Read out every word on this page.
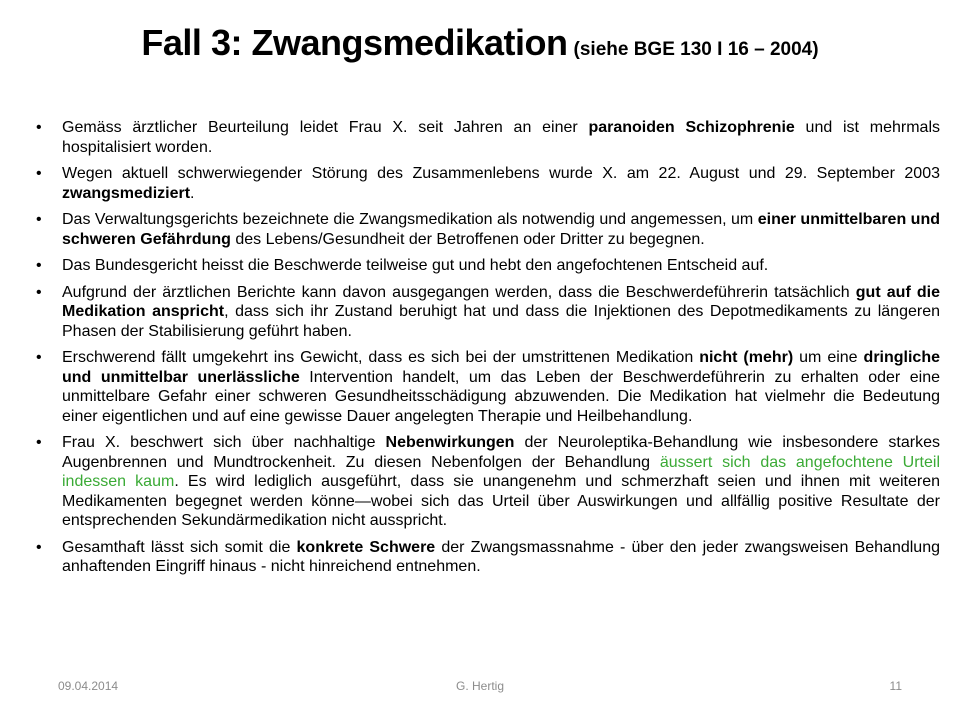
Fall 3: Zwangsmedikation (siehe BGE 130 I 16 – 2004)
• Gemäss ärztlicher Beurteilung leidet Frau X. seit Jahren an einer paranoiden Schizophrenie und ist mehrmals hospitalisiert worden.
• Wegen aktuell schwerwiegender Störung des Zusammenlebens wurde X. am 22. August und 29. September 2003 zwangsmediziert.
• Das Verwaltungsgerichts bezeichnete die Zwangsmedikation als notwendig und angemessen, um einer unmittelbaren und schweren Gefährdung des Lebens/Gesundheit der Betroffenen oder Dritter zu begegnen.
• Das Bundesgericht heisst die Beschwerde teilweise gut und hebt den angefochtenen Entscheid auf.
• Aufgrund der ärztlichen Berichte kann davon ausgegangen werden, dass die Beschwerdeführerin tatsächlich gut auf die Medikation anspricht, dass sich ihr Zustand beruhigt hat und dass die Injektionen des Depotmedikaments zu längeren Phasen der Stabilisierung geführt haben.
• Erschwerend fällt umgekehrt ins Gewicht, dass es sich bei der umstrittenen Medikation nicht (mehr) um eine dringliche und unmittelbar unerlässliche Intervention handelt, um das Leben der Beschwerdeführerin zu erhalten oder eine unmittelbare Gefahr einer schweren Gesundheitsschädigung abzuwenden. Die Medikation hat vielmehr die Bedeutung einer eigentlichen und auf eine gewisse Dauer angelegten Therapie und Heilbehandlung.
• Frau X. beschwert sich über nachhaltige Nebenwirkungen der Neuroleptika-Behandlung wie insbesondere starkes Augenbrennen und Mundtrockenheit. Zu diesen Nebenfolgen der Behandlung äussert sich das angefochtene Urteil indessen kaum. Es wird lediglich ausgeführt, dass sie unangenehm und schmerzhaft seien und ihnen mit weiteren Medikamenten begegnet werden könne—wobei sich das Urteil über Auswirkungen und allfällig positive Resultate der entsprechenden Sekundärmedikation nicht ausspricht.
• Gesamthaft lässt sich somit die konkrete Schwere der Zwangsmassnahme - über den jeder zwangsweisen Behandlung anhaftenden Eingriff hinaus - nicht hinreichend entnehmen.
09.04.2014	G. Hertig	11
